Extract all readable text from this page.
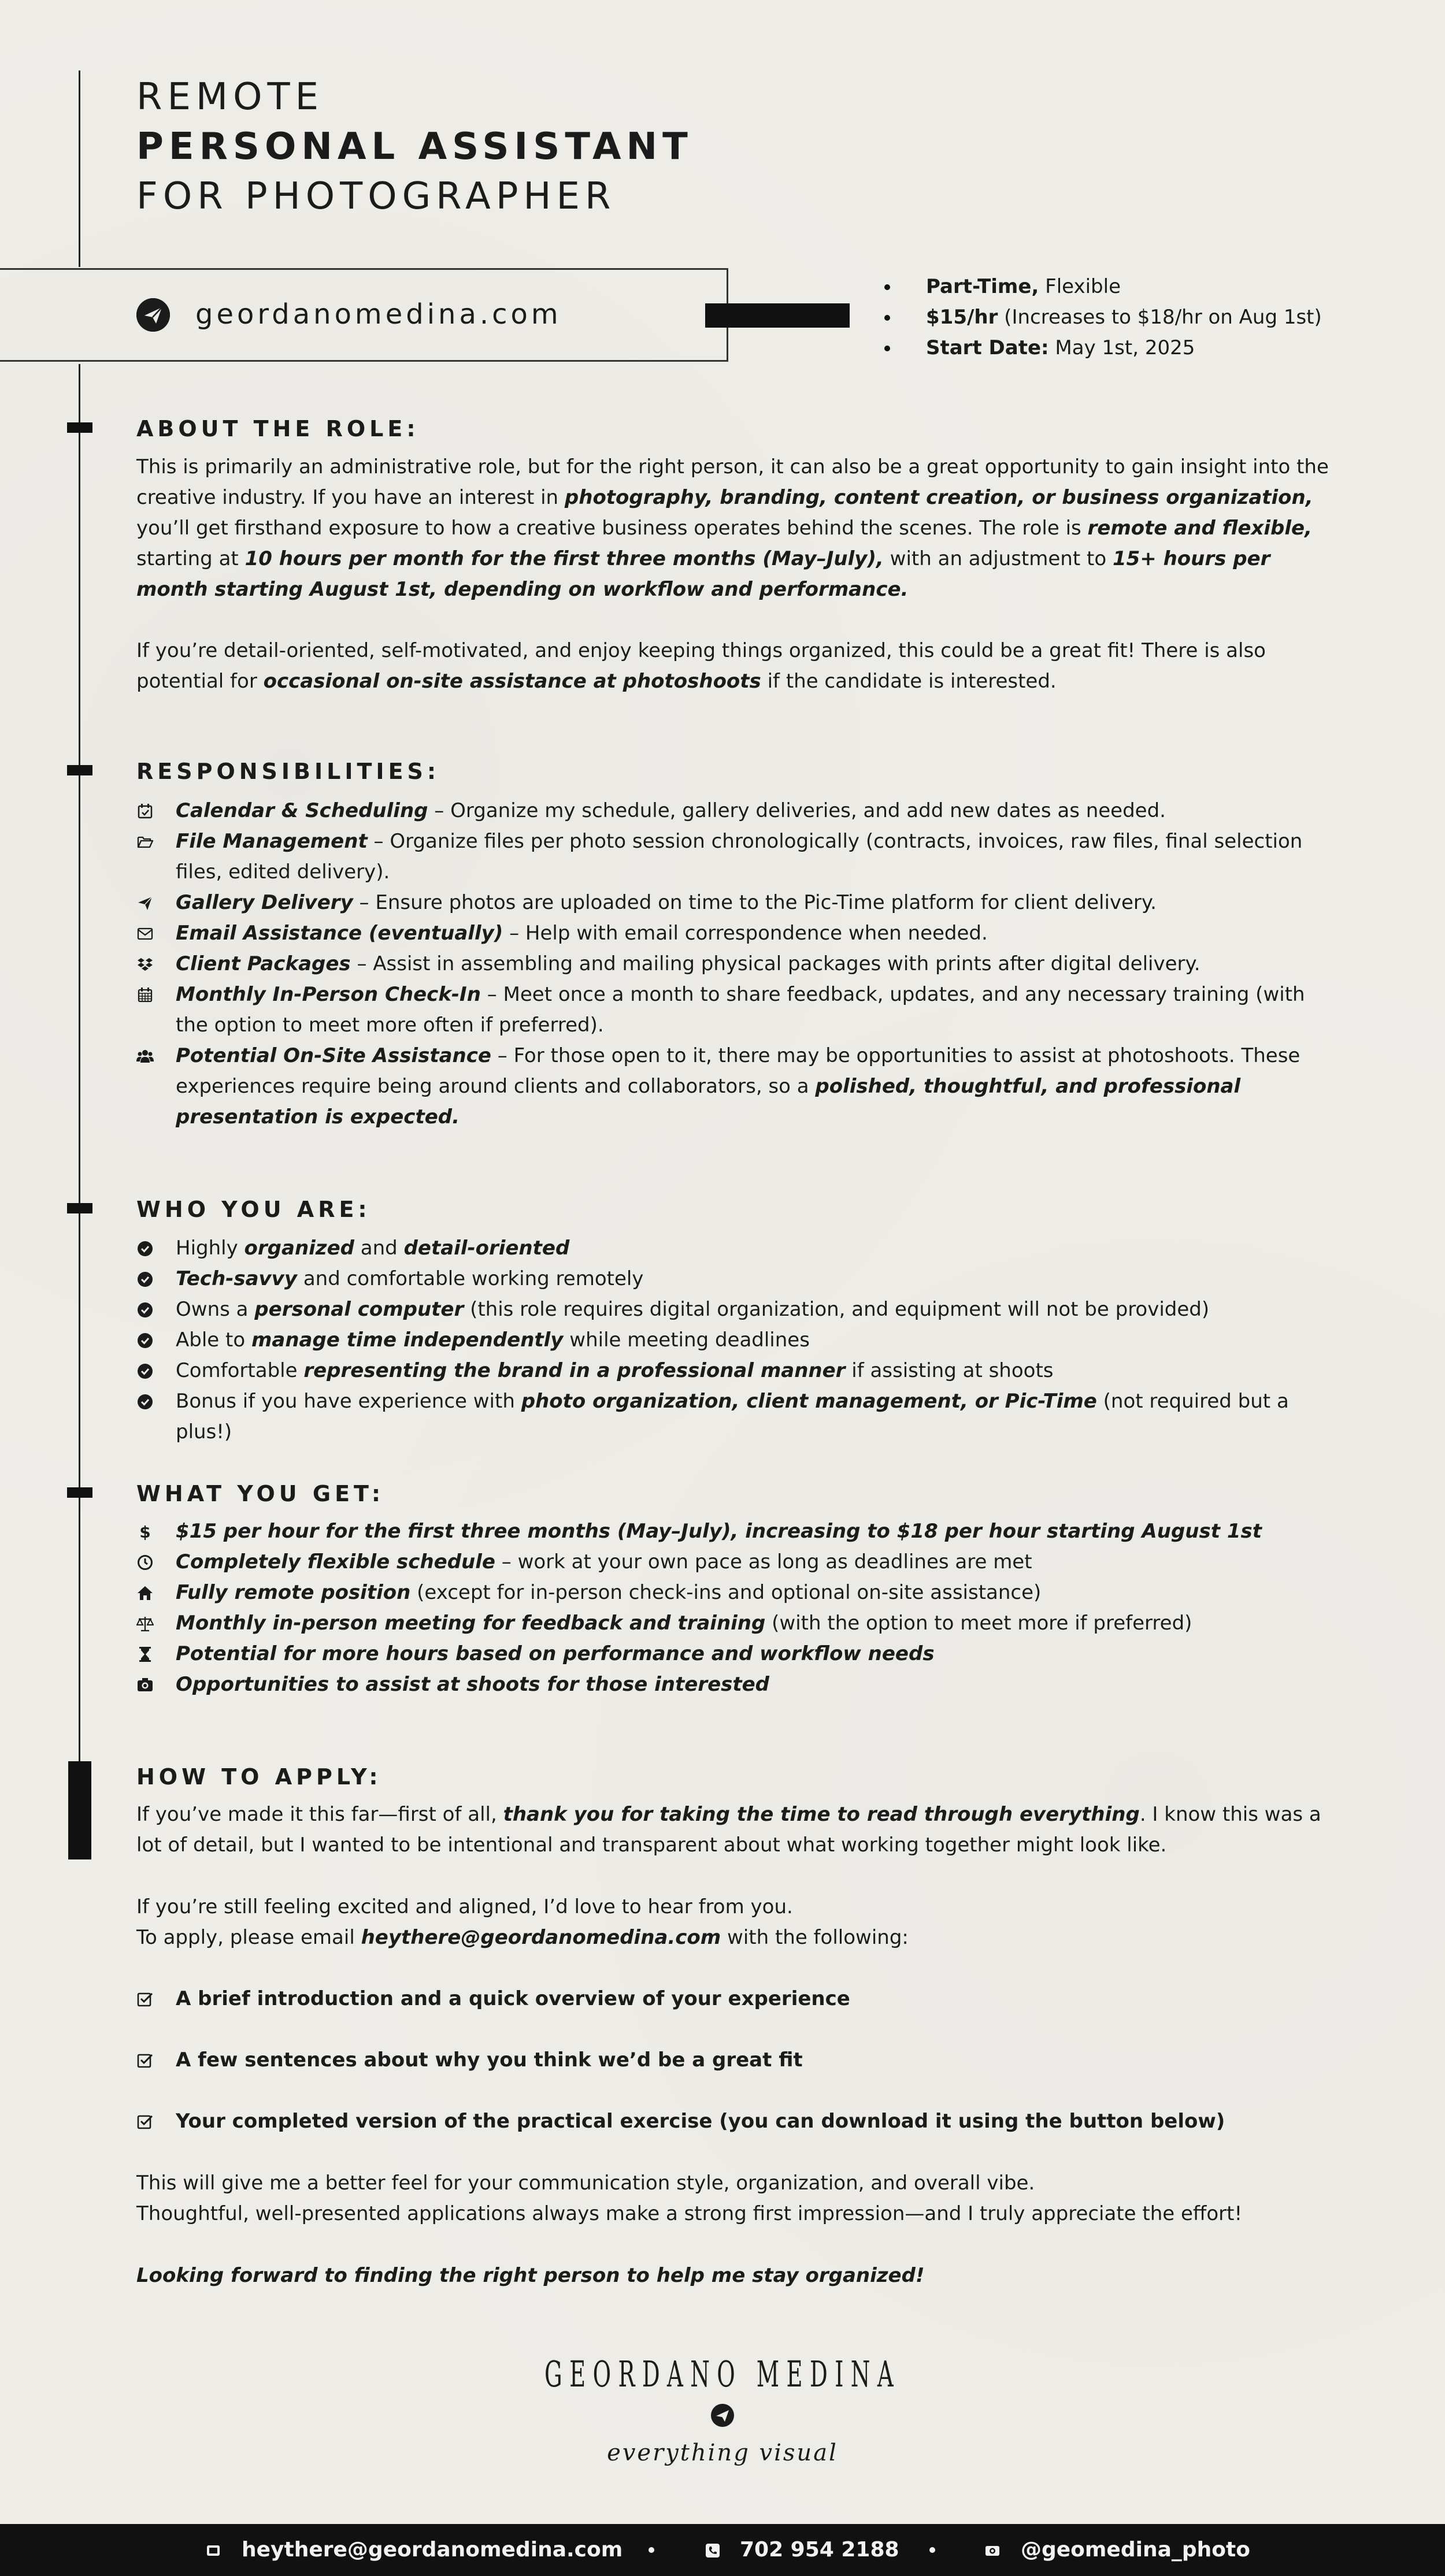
REMOTE
PERSONAL ASSISTANT
FOR PHOTOGRAPHER
geordanomedina.com
Part-Time, Flexible
$15/hr (Increases to $18/hr on Aug 1st)
Start Date: May 1st, 2025
ABOUT THE ROLE:
This is primarily an administrative role, but for the right person, it can also be a great opportunity to gain insight into the creative industry. If you have an interest in photography, branding, content creation, or business organization, you’ll get firsthand exposure to how a creative business operates behind the scenes. The role is remote and flexible, starting at 10 hours per month for the first three months (May–July), with an adjustment to 15+ hours per month starting August 1st, depending on workflow and performance.
If you’re detail-oriented, self-motivated, and enjoy keeping things organized, this could be a great fit! There is also potential for occasional on-site assistance at photoshoots if the candidate is interested.
RESPONSIBILITIES:
Calendar & Scheduling – Organize my schedule, gallery deliveries, and add new dates as needed.
File Management – Organize files per photo session chronologically (contracts, invoices, raw files, final selection files, edited delivery).
Gallery Delivery – Ensure photos are uploaded on time to the Pic-Time platform for client delivery.
Email Assistance (eventually) – Help with email correspondence when needed.
Client Packages – Assist in assembling and mailing physical packages with prints after digital delivery.
Monthly In-Person Check-In – Meet once a month to share feedback, updates, and any necessary training (with the option to meet more often if preferred).
Potential On-Site Assistance – For those open to it, there may be opportunities to assist at photoshoots. These experiences require being around clients and collaborators, so a polished, thoughtful, and professional presentation is expected.
WHO YOU ARE:
Highly organized and detail-oriented
Tech-savvy and comfortable working remotely
Owns a personal computer (this role requires digital organization, and equipment will not be provided)
Able to manage time independently while meeting deadlines
Comfortable representing the brand in a professional manner if assisting at shoots
Bonus if you have experience with photo organization, client management, or Pic-Time (not required but a plus!)
WHAT YOU GET:
$ $15 per hour for the first three months (May–July), increasing to $18 per hour starting August 1st
Completely flexible schedule – work at your own pace as long as deadlines are met
Fully remote position (except for in-person check-ins and optional on-site assistance)
Monthly in-person meeting for feedback and training (with the option to meet more if preferred)
Potential for more hours based on performance and workflow needs
Opportunities to assist at shoots for those interested
HOW TO APPLY:
If you’ve made it this far—first of all, thank you for taking the time to read through everything. I know this was a lot of detail, but I wanted to be intentional and transparent about what working together might look like.
If you’re still feeling excited and aligned, I’d love to hear from you.
To apply, please email heythere@geordanomedina.com with the following:
A brief introduction and a quick overview of your experience
A few sentences about why you think we’d be a great fit
Your completed version of the practical exercise (you can download it using the button below)
This will give me a better feel for your communication style, organization, and overall vibe.
Thoughtful, well-presented applications always make a strong first impression—and I truly appreciate the effort!
Looking forward to finding the right person to help me stay organized!
GEORDANO MEDINA
everything visual
heythere@geordanomedina.com	702 954 2188	@geomedina_photo
